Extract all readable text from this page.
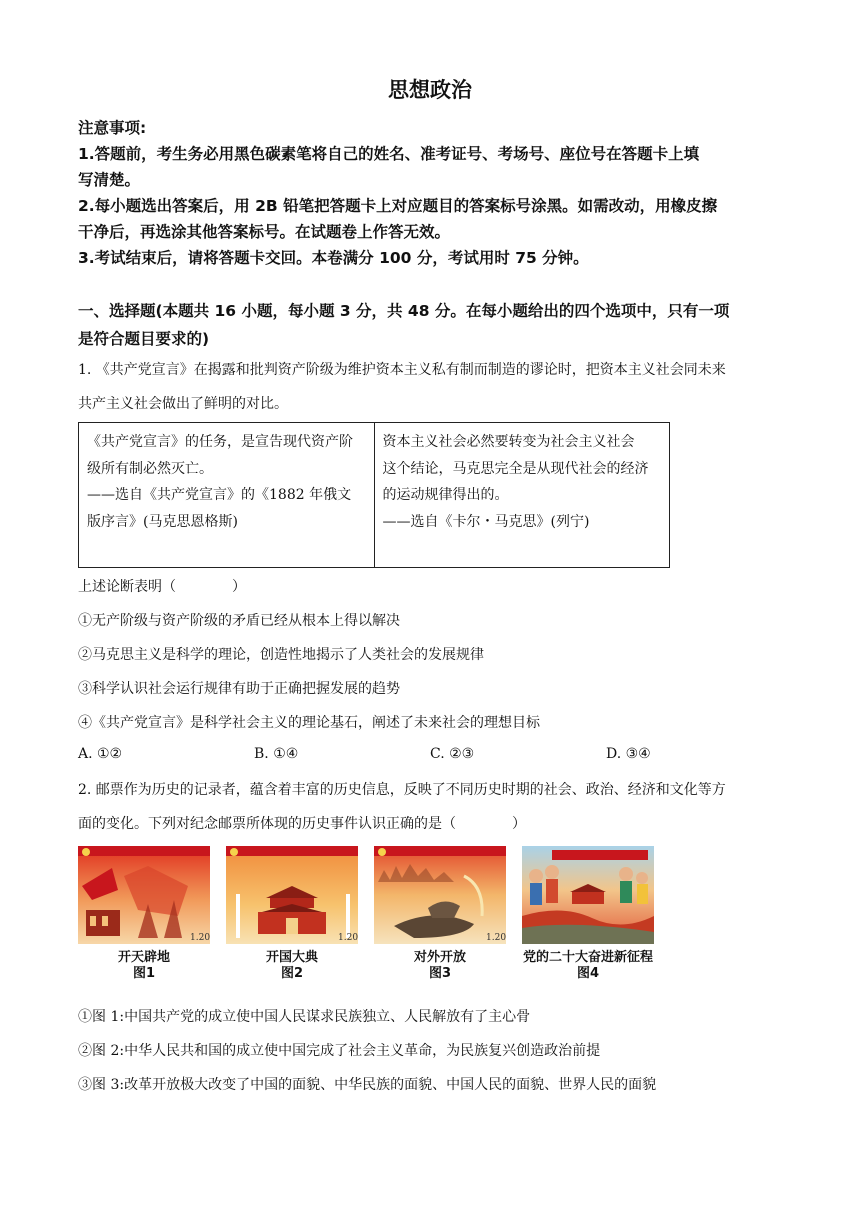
思想政治
注意事项:
1.答题前，考生务必用黑色碳素笔将自己的姓名、准考证号、考场号、座位号在答题卡上填
写清楚。
2.每小题选出答案后，用 2B 铅笔把答题卡上对应题目的答案标号涂黑。如需改动，用橡皮擦
干净后，再选涂其他答案标号。在试题卷上作答无效。
3.考试结束后，请将答题卡交回。本卷满分 100 分，考试用时 75 分钟。
一、选择题(本题共 16 小题，每小题 3 分，共 48 分。在每小题给出的四个选项中，只有一项
是符合题目要求的)
1. 《共产党宣言》在揭露和批判资产阶级为维护资本主义私有制而制造的谬论时，把资本主义社会同未来
共产主义社会做出了鲜明的对比。
《共产党宣言》的任务，是宣告现代资产阶
级所有制必然灭亡。
——选自《共产党宣言》的《1882 年俄文
版序言》(马克思恩格斯)

资本主义社会必然要转变为社会主义社会
这个结论，马克思完全是从现代社会的经济
的运动规律得出的。
——选自《卡尔・马克思》(列宁)
上述论断表明（　　　　）
①无产阶级与资产阶级的矛盾已经从根本上得以解决
②马克思主义是科学的理论，创造性地揭示了人类社会的发展规律
③科学认识社会运行规律有助于正确把握发展的趋势
④《共产党宣言》是科学社会主义的理论基石，阐述了未来社会的理想目标
A. ①②	B. ①④	C. ②③	D. ③④
2. 邮票作为历史的记录者，蕴含着丰富的历史信息，反映了不同历史时期的社会、政治、经济和文化等方
面的变化。下列对纪念邮票所体现的历史事件认识正确的是（　　　　）
1.20	1.20	1.20
开天辟地
图1
开国大典
图2
对外开放
图3
党的二十大奋进新征程
图4
①图 1:中国共产党的成立使中国人民谋求民族独立、人民解放有了主心骨
②图 2:中华人民共和国的成立使中国完成了社会主义革命，为民族复兴创造政治前提
③图 3:改革开放极大改变了中国的面貌、中华民族的面貌、中国人民的面貌、世界人民的面貌
